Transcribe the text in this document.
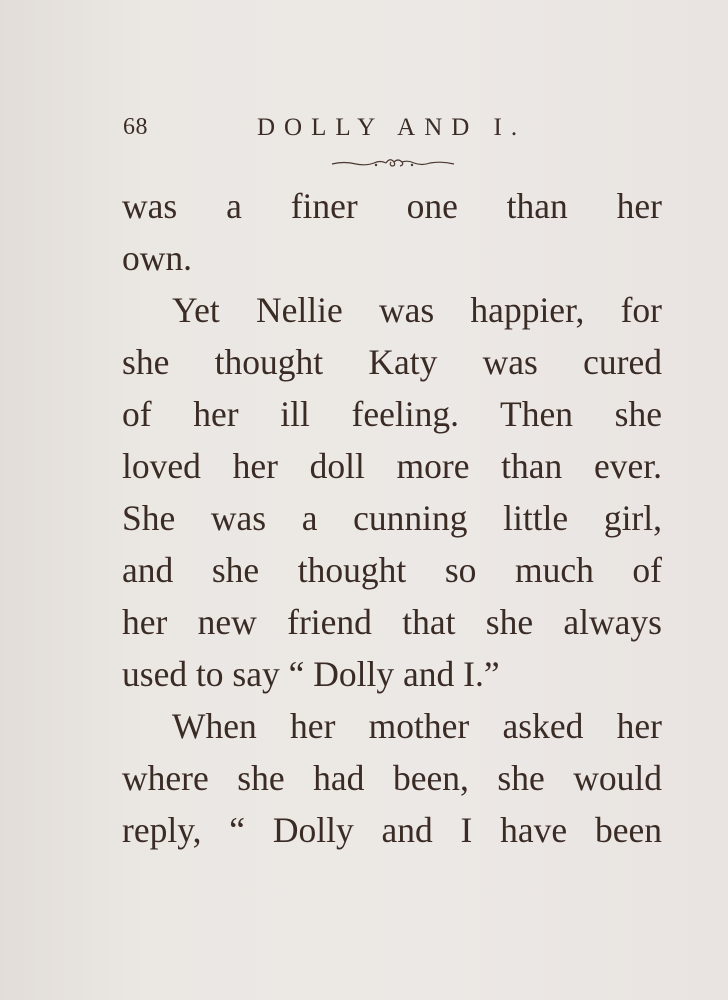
68	DOLLY AND I.
was a finer one than her
own.
Yet Nellie was happier, for
she thought Katy was cured
of her ill feeling. Then she
loved her doll more than ever.
She was a cunning little girl,
and she thought so much of
her new friend that she always
used to say “ Dolly and I.”
When her mother asked her
where she had been, she would
reply, “ Dolly and I have been
